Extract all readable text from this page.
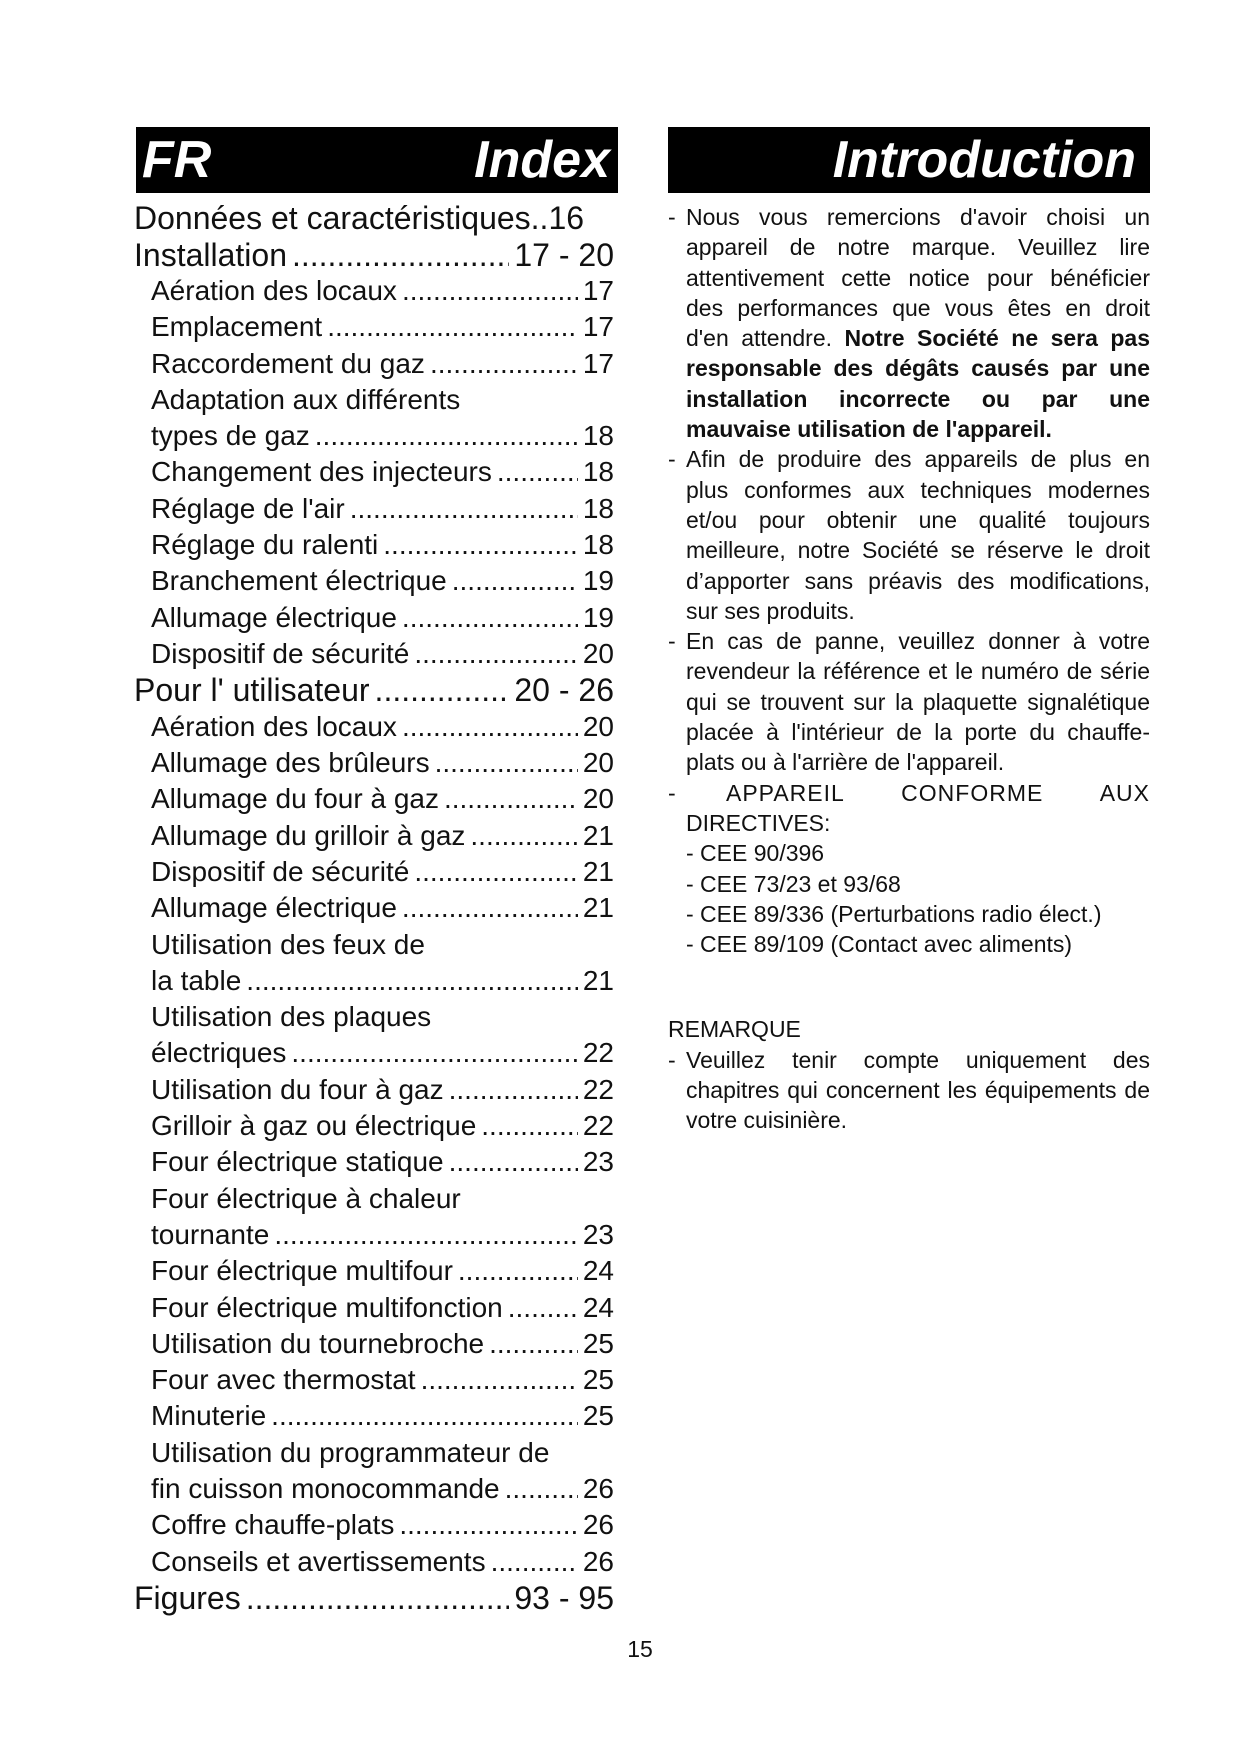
FR	Index	Introduction
Données et caractéristiques..16
Installation .....	17 - 20
Aération des locaux .....	17
Emplacement .....	17
Raccordement du gaz .....	17
Adaptation aux différents
types de gaz .....	18
Changement des injecteurs .....	18
Réglage de l'air .....	18
Réglage du ralenti .....	18
Branchement électrique .....	19
Allumage électrique .....	19
Dispositif de sécurité .....	20
Pour l' utilisateur .....	20 - 26
Aération des locaux .....	20
Allumage des brûleurs .....	20
Allumage du four à gaz .....	20
Allumage du grilloir à gaz .....	21
Dispositif de sécurité .....	21
Allumage électrique .....	21
Utilisation des feux de
la table .....	21
Utilisation des plaques
électriques .....	22
Utilisation du four à gaz .....	22
Grilloir à gaz ou électrique .....	22
Four électrique statique .....	23
Four électrique à chaleur
tournante .....	23
Four électrique multifour .....	24
Four électrique multifonction .....	24
Utilisation du tournebroche .....	25
Four avec thermostat .....	25
Minuterie .....	25
Utilisation du programmateur de
fin cuisson monocommande .....	26
Coffre chauffe-plats .....	26
Conseils et avertissements .....	26
Figures .....	93 - 95

- Nous vous remercions d'avoir choisi un appareil de notre marque. Veuillez lire attentivement cette notice pour bénéficier des performances que vous êtes en droit d'en attendre. Notre Société ne sera pas responsable des dégâts causés par une installation incorrecte ou par une mauvaise utilisation de l'appareil.

- Afin de produire des appareils de plus en plus conformes aux techniques modernes et/ou pour obtenir une qualité toujours meilleure, notre Société se réserve le droit d’apporter sans préavis des modifications, sur ses produits.

- En cas de panne, veuillez donner à votre revendeur la référence et le numéro de série qui se trouvent sur la plaquette signalétique placée à l'intérieur de la porte du chauffe-plats ou à l'arrière de l'appareil.

- APPAREIL CONFORME AUX

DIRECTIVES:

- CEE 90/396
- CEE 73/23 et 93/68
- CEE 89/336 (Perturbations radio élect.)
- CEE 89/109 (Contact avec aliments)

REMARQUE

- Veuillez tenir compte uniquement des chapitres qui concernent les équipements de votre cuisinière.

15
